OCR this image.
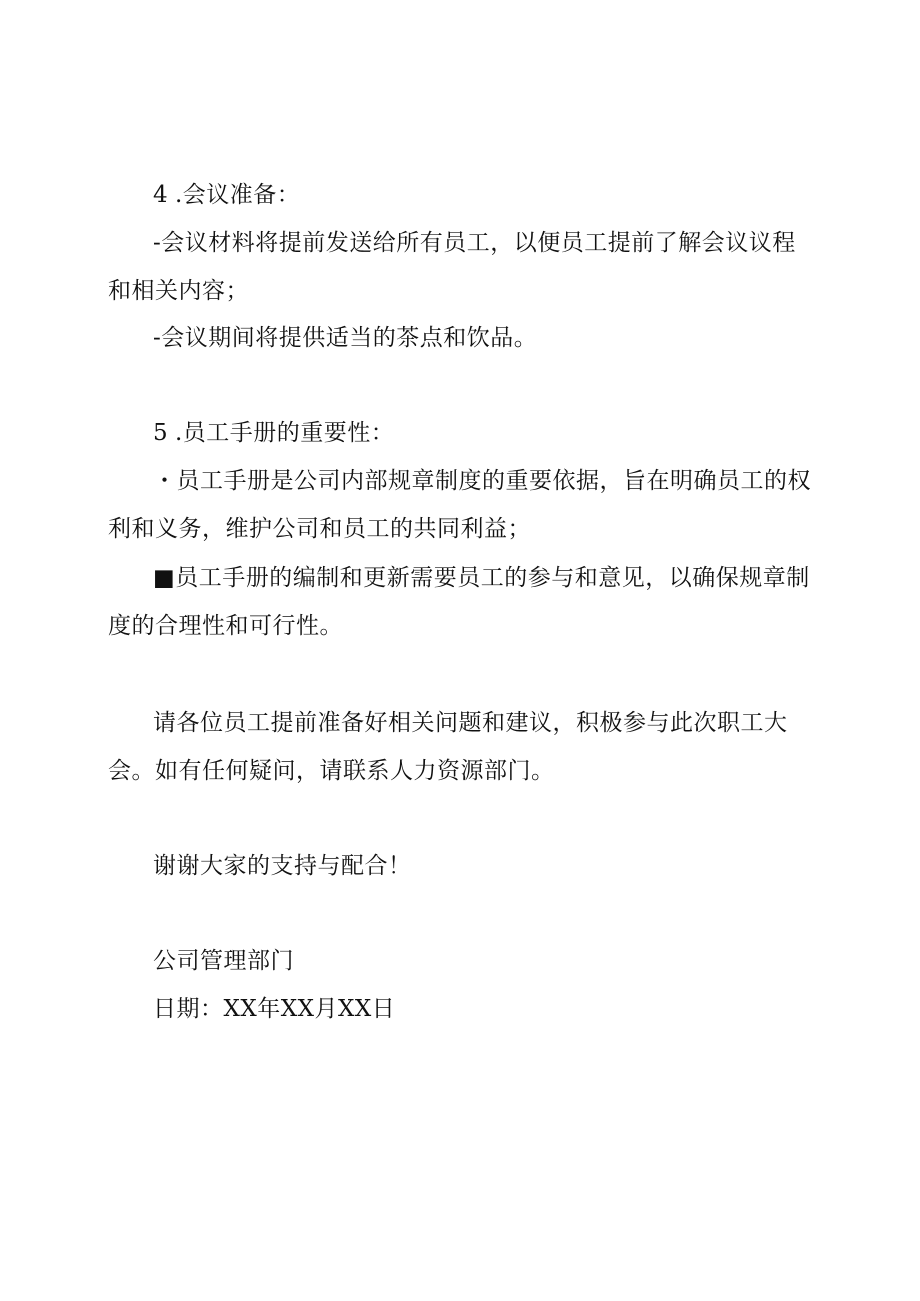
4 .会议准备：
-会议材料将提前发送给所有员工，以便员工提前了解会议议程
和相关内容；
-会议期间将提供适当的茶点和饮品。
5 .员工手册的重要性：
・员工手册是公司内部规章制度的重要依据，旨在明确员工的权
利和义务，维护公司和员工的共同利益；
■员工手册的编制和更新需要员工的参与和意见，以确保规章制
度的合理性和可行性。
请各位员工提前准备好相关问题和建议，积极参与此次职工大
会。如有任何疑问，请联系人力资源部门。
谢谢大家的支持与配合！
公司管理部门
日期：XX年XX月XX日
